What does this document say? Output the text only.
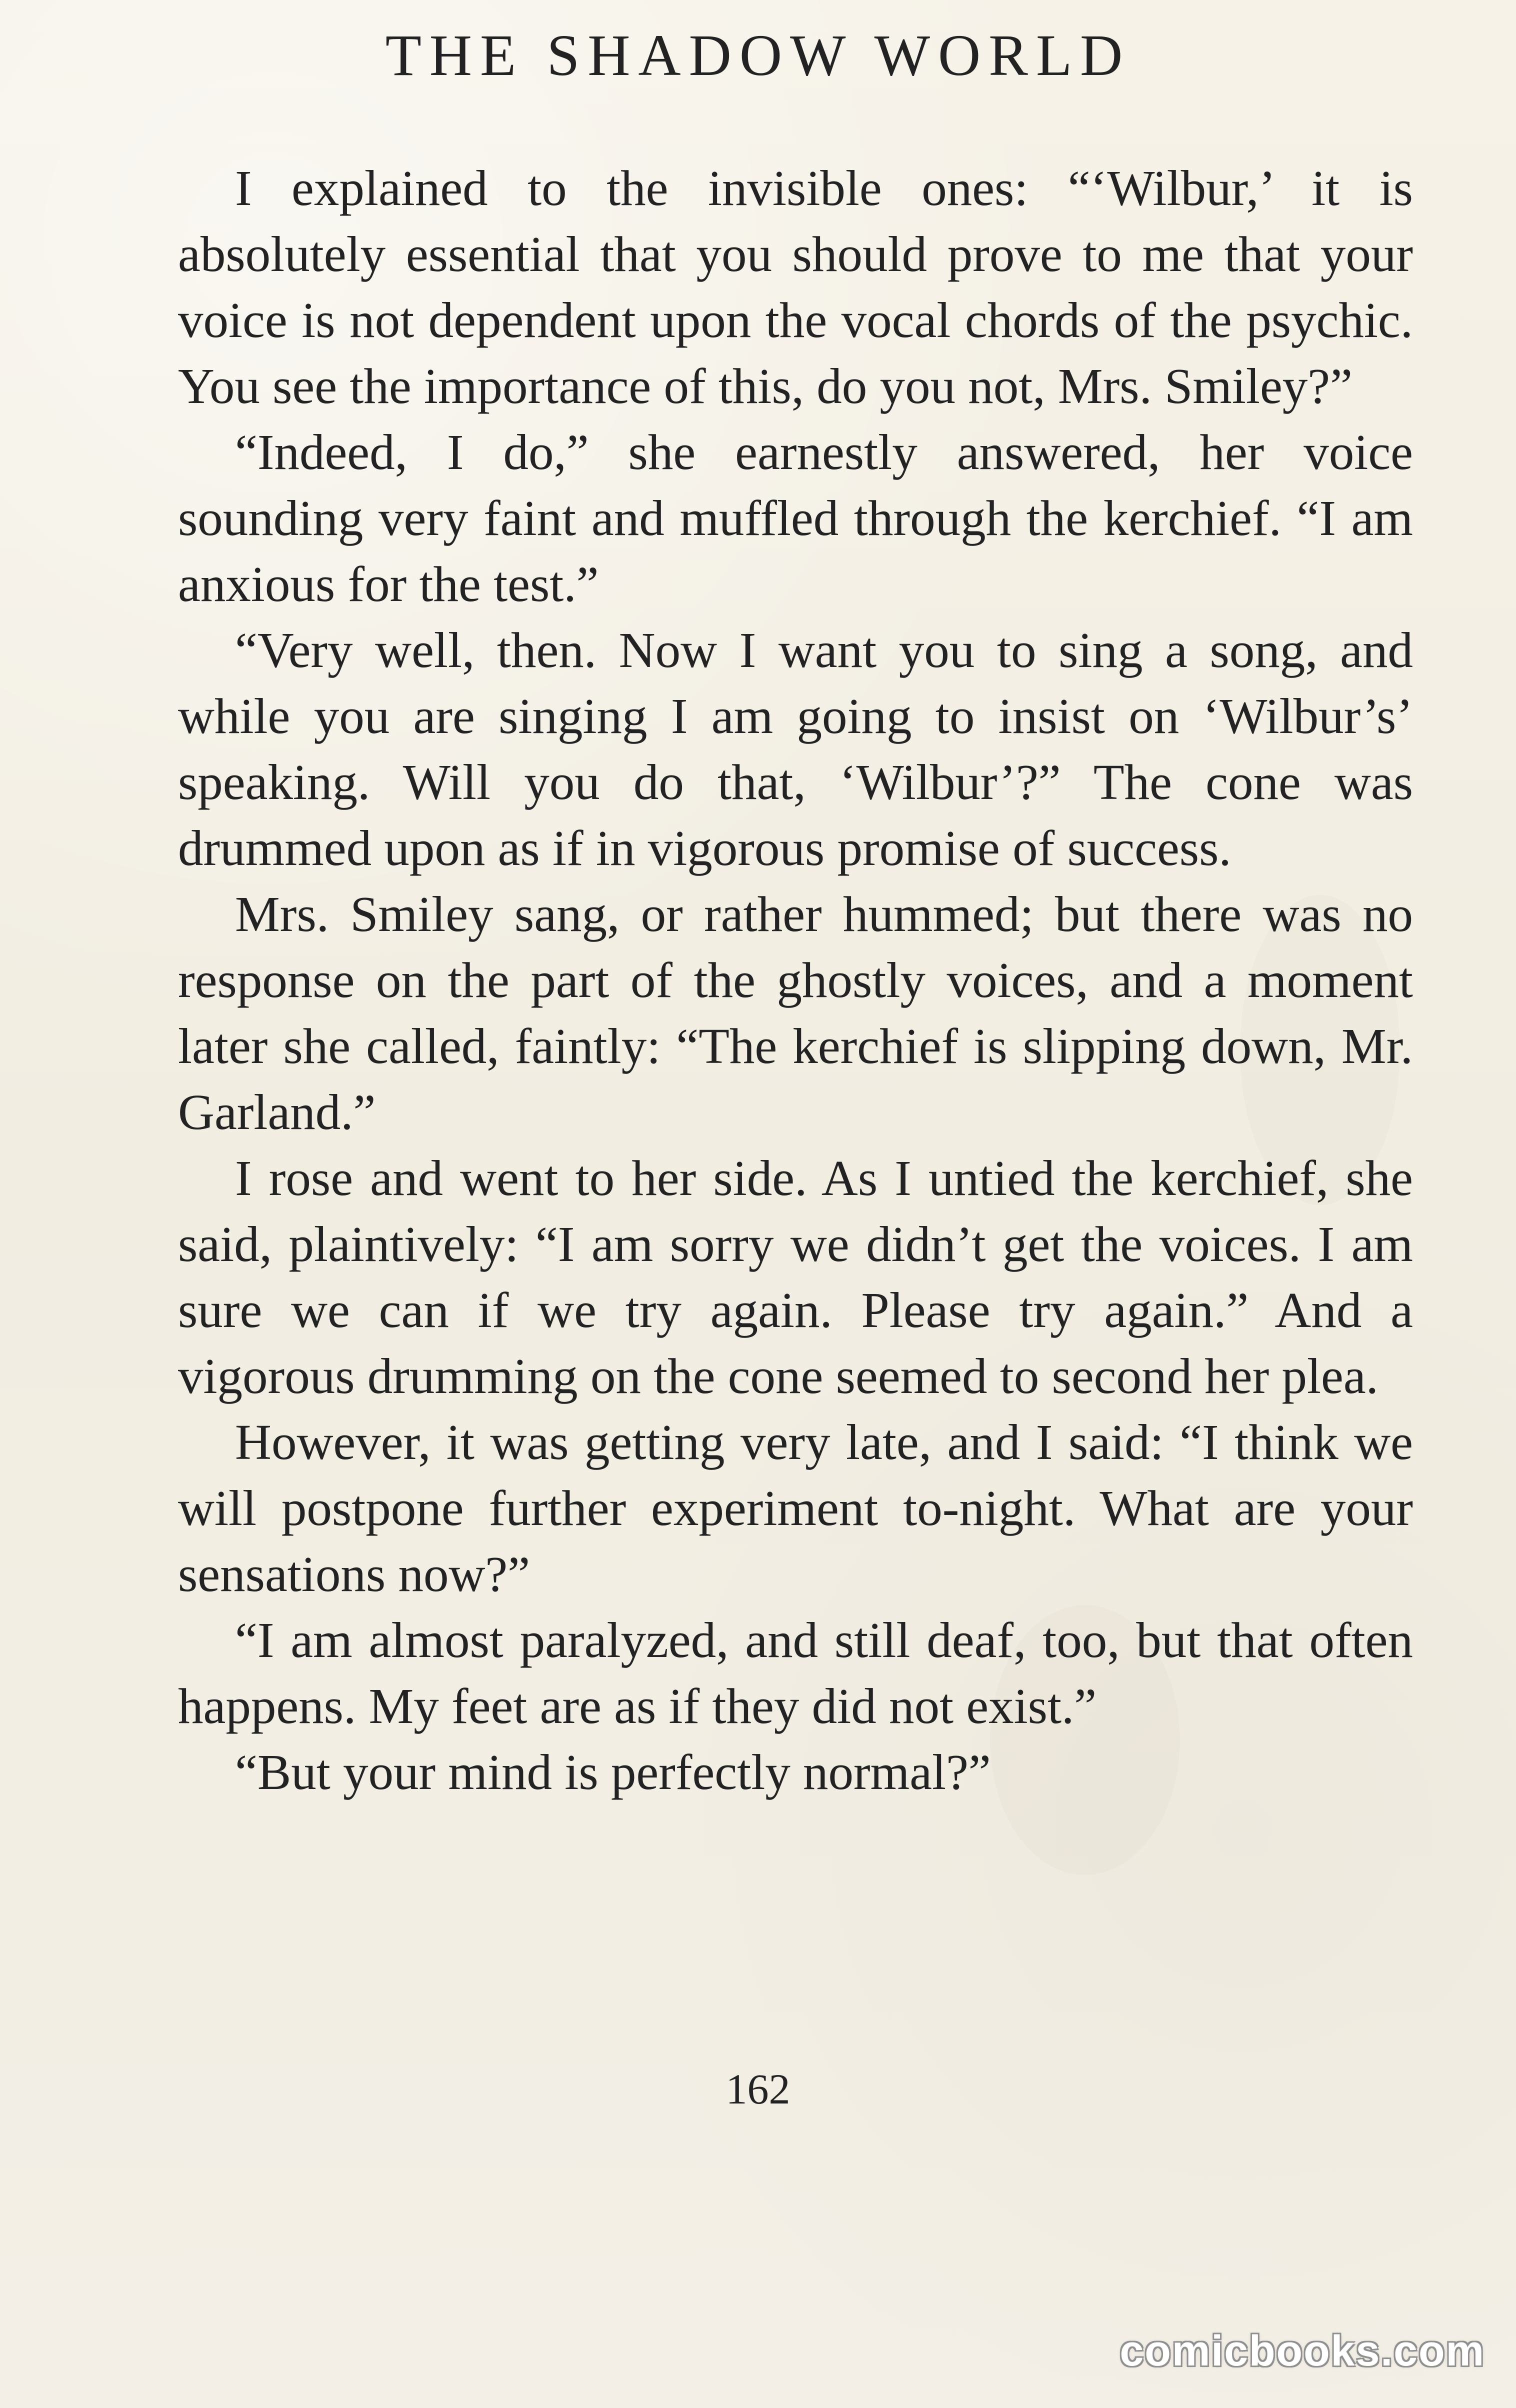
THE SHADOW WORLD

I explained to the invisible ones: “‘Wilbur,’ it is absolutely essential that you should prove to me that your voice is not dependent upon the vocal chords of the psychic. You see the importance of this, do you not, Mrs. Smiley?”

“Indeed, I do,” she earnestly answered, her voice sounding very faint and muffled through the kerchief. “I am anxious for the test.”

“Very well, then. Now I want you to sing a song, and while you are singing I am going to insist on ‘Wilbur’s’ speaking. Will you do that, ‘Wilbur’?” The cone was drummed upon as if in vigorous promise of success.

Mrs. Smiley sang, or rather hummed; but there was no response on the part of the ghostly voices, and a moment later she called, faintly: “The kerchief is slipping down, Mr. Garland.”

I rose and went to her side. As I untied the kerchief, she said, plaintively: “I am sorry we didn’t get the voices. I am sure we can if we try again. Please try again.” And a vigorous drumming on the cone seemed to second her plea.

However, it was getting very late, and I said: “I think we will postpone further experiment to-night. What are your sensations now?”

“I am almost paralyzed, and still deaf, too, but that often happens. My feet are as if they did not exist.”

“But your mind is perfectly normal?”

162
comicbooks.com
